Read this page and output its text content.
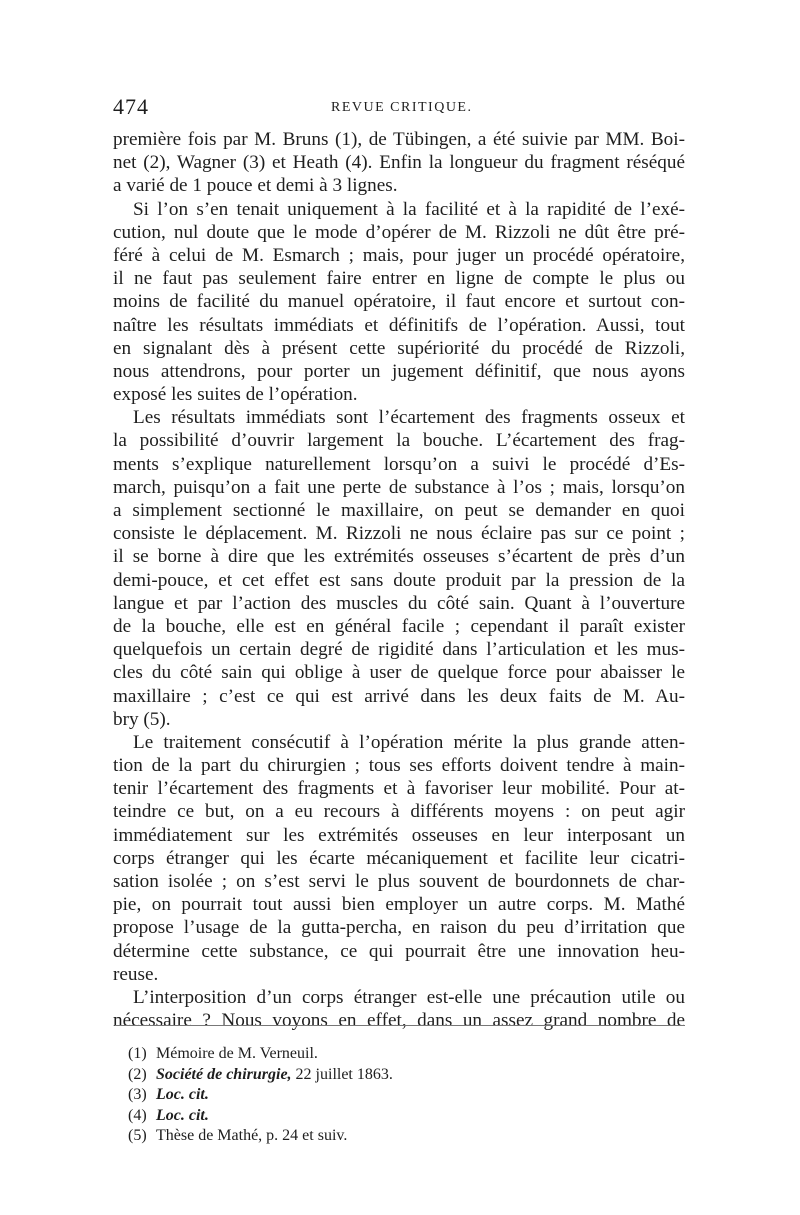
474	REVUE CRITIQUE.
première fois par M. Bruns (1), de Tübingen, a été suivie par MM. Boi-
net (2), Wagner (3) et Heath (4). Enfin la longueur du fragment réséqué
a varié de 1 pouce et demi à 3 lignes.
Si l’on s’en tenait uniquement à la facilité et à la rapidité de l’exé-
cution, nul doute que le mode d’opérer de M. Rizzoli ne dût être pré-
féré à celui de M. Esmarch ; mais, pour juger un procédé opératoire,
il ne faut pas seulement faire entrer en ligne de compte le plus ou
moins de facilité du manuel opératoire, il faut encore et surtout con-
naître les résultats immédiats et définitifs de l’opération. Aussi, tout
en signalant dès à présent cette supériorité du procédé de Rizzoli,
nous attendrons, pour porter un jugement définitif, que nous ayons
exposé les suites de l’opération.
Les résultats immédiats sont l’écartement des fragments osseux et
la possibilité d’ouvrir largement la bouche. L’écartement des frag-
ments s’explique naturellement lorsqu’on a suivi le procédé d’Es-
march, puisqu’on a fait une perte de substance à l’os ; mais, lorsqu’on
a simplement sectionné le maxillaire, on peut se demander en quoi
consiste le déplacement. M. Rizzoli ne nous éclaire pas sur ce point ;
il se borne à dire que les extrémités osseuses s’écartent de près d’un
demi-pouce, et cet effet est sans doute produit par la pression de la
langue et par l’action des muscles du côté sain. Quant à l’ouverture
de la bouche, elle est en général facile ; cependant il paraît exister
quelquefois un certain degré de rigidité dans l’articulation et les mus-
cles du côté sain qui oblige à user de quelque force pour abaisser le
maxillaire ; c’est ce qui est arrivé dans les deux faits de M. Au-
bry (5).
Le traitement consécutif à l’opération mérite la plus grande atten-
tion de la part du chirurgien ; tous ses efforts doivent tendre à main-
tenir l’écartement des fragments et à favoriser leur mobilité. Pour at-
teindre ce but, on a eu recours à différents moyens : on peut agir
immédiatement sur les extrémités osseuses en leur interposant un
corps étranger qui les écarte mécaniquement et facilite leur cicatri-
sation isolée ; on s’est servi le plus souvent de bourdonnets de char-
pie, on pourrait tout aussi bien employer un autre corps. M. Mathé
propose l’usage de la gutta-percha, en raison du peu d’irritation que
détermine cette substance, ce qui pourrait être une innovation heu-
reuse.
L’interposition d’un corps étranger est-elle une précaution utile ou
nécessaire ? Nous voyons en effet, dans un assez grand nombre de
(1) Mémoire de M. Verneuil.
(2) Société de chirurgie, 22 juillet 1863.
(3) Loc. cit.
(4) Loc. cit.
(5) Thèse de Mathé, p. 24 et suiv.
